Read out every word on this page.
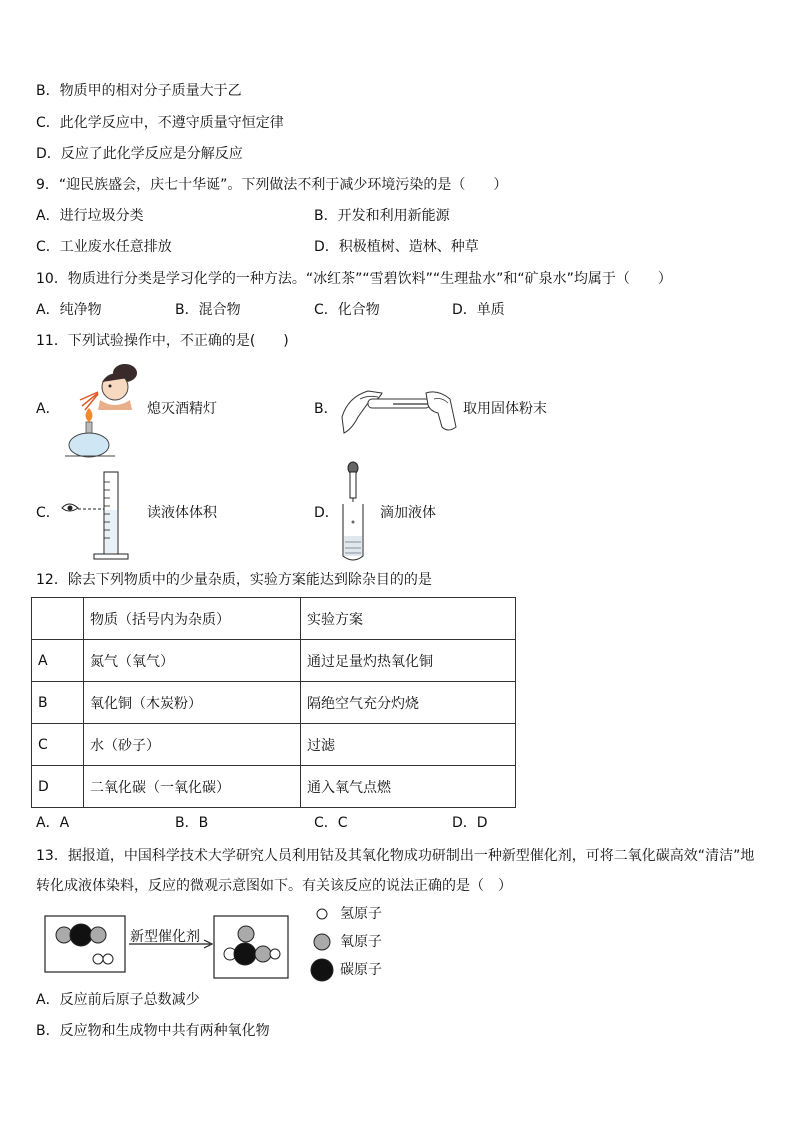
B．物质甲的相对分子质量大于乙
C．此化学反应中，不遵守质量守恒定律
D．反应了此化学反应是分解反应
9．“迎民族盛会，庆七十华诞”。下列做法不利于减少环境污染的是（　　）
A．进行垃圾分类	B．开发和利用新能源
C．工业废水任意排放	D．积极植树、造林、种草
10．物质进行分类是学习化学的一种方法。“冰红茶”“雪碧饮料”“生理盐水”和“矿泉水”均属于（　　）
A．纯净物	B．混合物	C．化合物	D．单质
11．下列试验操作中，不正确的是(　　)
A．	熄灭酒精灯	B．	取用固体粉末
C．	读液体体积	D．	滴加液体
12．除去下列物质中的少量杂质，实验方案能达到除杂目的的是
	物质（括号内为杂质）	实验方案
A	氮气（氧气）	通过足量灼热氧化铜
B	氧化铜（木炭粉）	隔绝空气充分灼烧
C	水（砂子）	过滤
D	二氧化碳（一氧化碳）	通入氧气点燃
A．A	B．B	C．C	D．D
13．据报道，中国科学技术大学研究人员利用钴及其氧化物成功研制出一种新型催化剂，可将二氧化碳高效“清洁”地
转化成液体染料，反应的微观示意图如下。有关该反应的说法正确的是（　）
新型催化剂
氢原子
氧原子
碳原子
A．反应前后原子总数减少
B．反应物和生成物中共有两种氧化物
